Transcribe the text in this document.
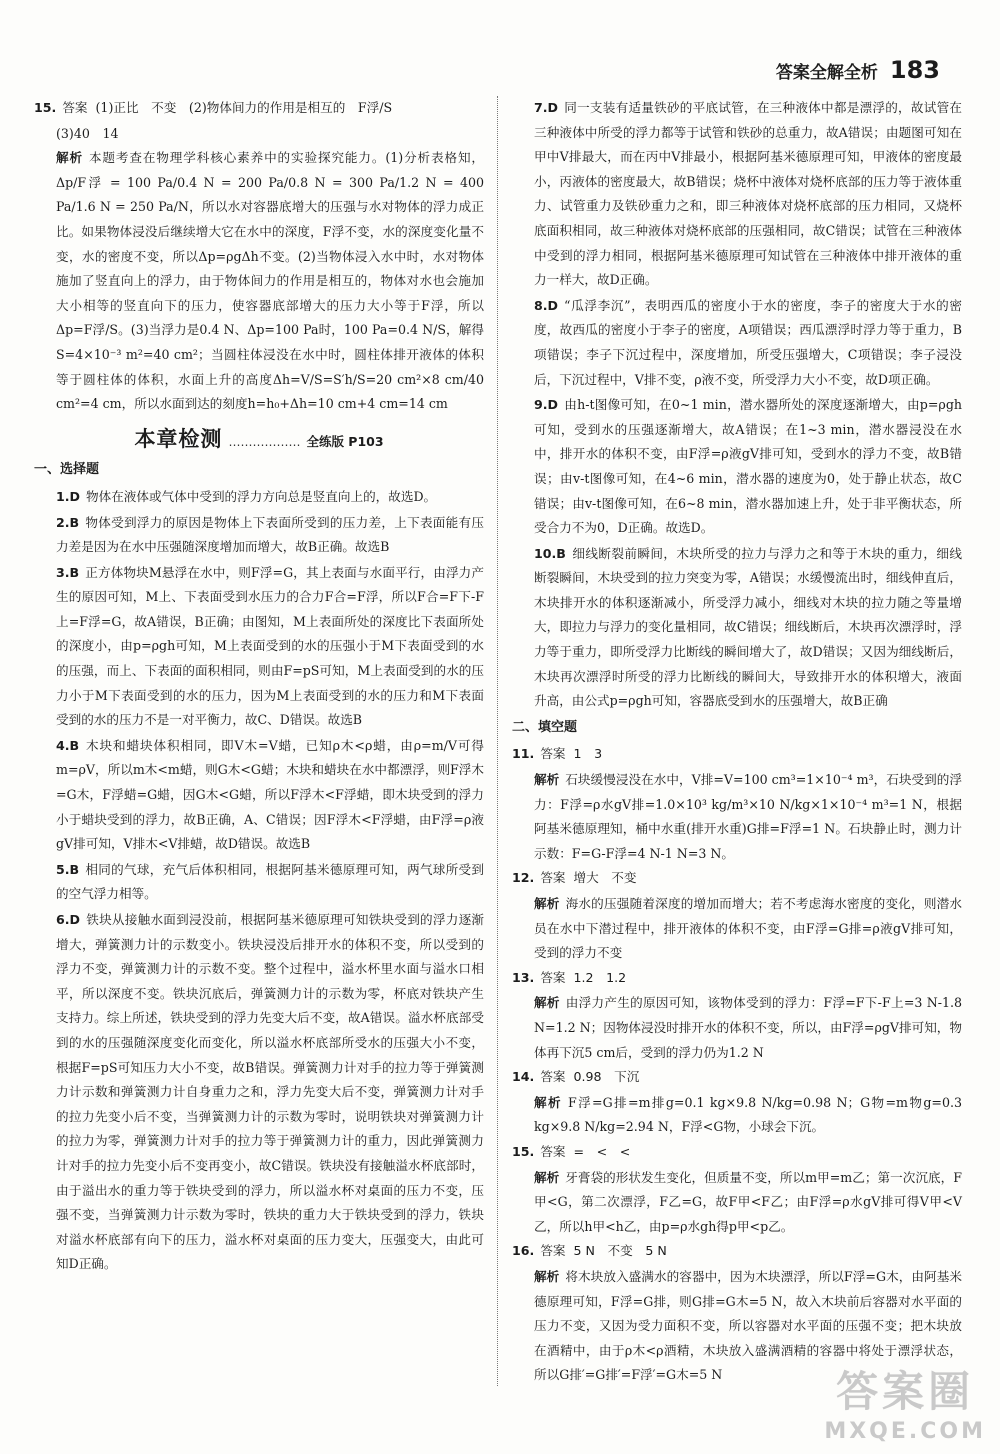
答案全解全析 183
15. 答案 (1)正比　不变　(2)物体间力的作用是相互的　F浮/S
(3)40　14
解析 本题考查在物理学科核心素养中的实验探究能力。(1)分析表格知，Δp/F浮 = 100 Pa/0.4 N = 200 Pa/0.8 N = 300 Pa/1.2 N = 400 Pa/1.6 N = 250 Pa/N，所以水对容器底增大的压强与水对物体的浮力成正比。如果物体浸没后继续增大它在水中的深度，F浮不变，水的深度变化量不变，水的密度不变，所以Δp=ρgΔh不变。(2)当物体浸入水中时，水对物体施加了竖直向上的浮力，由于物体间力的作用是相互的，物体对水也会施加大小相等的竖直向下的压力，使容器底部增大的压力大小等于F浮，所以Δp=F浮/S。(3)当浮力是0.4 N、Δp=100 Pa时，100 Pa=0.4 N/S，解得S=4×10⁻³ m²=40 cm²；当圆柱体浸没在水中时，圆柱体排开液体的体积等于圆柱体的体积，水面上升的高度Δh=V/S=S′h/S=20 cm²×8 cm/40 cm²=4 cm，所以水面到达的刻度h=h₀+Δh=10 cm+4 cm=14 cm
本章检测 ……………… 全练版 P103
一、选择题
1.D 物体在液体或气体中受到的浮力方向总是竖直向上的，故选D。
2.B 物体受到浮力的原因是物体上下表面所受到的压力差，上下表面能有压力差是因为在水中压强随深度增加而增大，故B正确。故选B
3.B 正方体物块M悬浮在水中，则F浮=G，其上表面与水面平行，由浮力产生的原因可知，M上、下表面受到水压力的合力F合=F浮，所以F合=F下-F上=F浮=G，故A错误，B正确；由图知，M上表面所处的深度比下表面所处的深度小，由p=ρgh可知，M上表面受到的水的压强小于M下表面受到的水的压强，而上、下表面的面积相同，则由F=pS可知，M上表面受到的水的压力小于M下表面受到的水的压力，因为M上表面受到的水的压力和M下表面受到的水的压力不是一对平衡力，故C、D错误。故选B
4.B 木块和蜡块体积相同，即V木=V蜡，已知ρ木<ρ蜡，由ρ=m/V可得m=ρV，所以m木<m蜡，则G木<G蜡；木块和蜡块在水中都漂浮，则F浮木=G木，F浮蜡=G蜡，因G木<G蜡，所以F浮木<F浮蜡，即木块受到的浮力小于蜡块受到的浮力，故B正确，A、C错误；因F浮木<F浮蜡，由F浮=ρ液gV排可知，V排木<V排蜡，故D错误。故选B
5.B 相同的气球，充气后体积相同，根据阿基米德原理可知，两气球所受到的空气浮力相等。
6.D 铁块从接触水面到浸没前，根据阿基米德原理可知铁块受到的浮力逐渐增大，弹簧测力计的示数变小。铁块浸没后排开水的体积不变，所以受到的浮力不变，弹簧测力计的示数不变。整个过程中，溢水杯里水面与溢水口相平，所以深度不变。铁块沉底后，弹簧测力计的示数为零，杯底对铁块产生支持力。综上所述，铁块受到的浮力先变大后不变，故A错误。溢水杯底部受到的水的压强随深度变化而变化，所以溢水杯底部所受水的压强大小不变，根据F=pS可知压力大小不变，故B错误。弹簧测力计对手的拉力等于弹簧测力计示数和弹簧测力计自身重力之和，浮力先变大后不变，弹簧测力计对手的拉力先变小后不变，当弹簧测力计的示数为零时，说明铁块对弹簧测力计的拉力为零，弹簧测力计对手的拉力等于弹簧测力计的重力，因此弹簧测力计对手的拉力先变小后不变再变小，故C错误。铁块没有接触溢水杯底部时，由于溢出水的重力等于铁块受到的浮力，所以溢水杯对桌面的压力不变，压强不变，当弹簧测力计示数为零时，铁块的重力大于铁块受到的浮力，铁块对溢水杯底部有向下的压力，溢水杯对桌面的压力变大，压强变大，由此可知D正确。
7.D 同一支装有适量铁砂的平底试管，在三种液体中都是漂浮的，故试管在三种液体中所受的浮力都等于试管和铁砂的总重力，故A错误；由题图可知在甲中V排最大，而在丙中V排最小，根据阿基米德原理可知，甲液体的密度最小，丙液体的密度最大，故B错误；烧杯中液体对烧杯底部的压力等于液体重力、试管重力及铁砂重力之和，即三种液体对烧杯底部的压力相同，又烧杯底面积相同，故三种液体对烧杯底部的压强相同，故C错误；试管在三种液体中受到的浮力相同，根据阿基米德原理可知试管在三种液体中排开液体的重力一样大，故D正确。
8.D “瓜浮李沉”，表明西瓜的密度小于水的密度，李子的密度大于水的密度，故西瓜的密度小于李子的密度，A项错误；西瓜漂浮时浮力等于重力，B项错误；李子下沉过程中，深度增加，所受压强增大，C项错误；李子浸没后，下沉过程中，V排不变，ρ液不变，所受浮力大小不变，故D项正确。
9.D 由h-t图像可知，在0~1 min，潜水器所处的深度逐渐增大，由p=ρgh可知，受到水的压强逐渐增大，故A错误；在1~3 min，潜水器浸没在水中，排开水的体积不变，由F浮=ρ液gV排可知，受到水的浮力不变，故B错误；由v-t图像可知，在4~6 min，潜水器的速度为0，处于静止状态，故C错误；由v-t图像可知，在6~8 min，潜水器加速上升，处于非平衡状态，所受合力不为0，D正确。故选D。
10.B 细线断裂前瞬间，木块所受的拉力与浮力之和等于木块的重力，细线断裂瞬间，木块受到的拉力突变为零，A错误；水缓慢流出时，细线伸直后，木块排开水的体积逐渐减小，所受浮力减小，细线对木块的拉力随之等量增大，即拉力与浮力的变化量相同，故C错误；细线断后，木块再次漂浮时，浮力等于重力，即所受浮力比断线的瞬间增大了，故D错误；又因为细线断后，木块再次漂浮时所受的浮力比断线的瞬间大，导致排开水的体积增大，液面升高，由公式p=ρgh可知，容器底受到水的压强增大，故B正确
二、填空题
11. 答案 1　3
解析 石块缓慢浸没在水中，V排=V=100 cm³=1×10⁻⁴ m³，石块受到的浮力：F浮=ρ水gV排=1.0×10³ kg/m³×10 N/kg×1×10⁻⁴ m³=1 N，根据阿基米德原理知，桶中水重(排开水重)G排=F浮=1 N。石块静止时，测力计示数：F=G-F浮=4 N-1 N=3 N。
12. 答案 增大　不变
解析 海水的压强随着深度的增加而增大；若不考虑海水密度的变化，则潜水员在水中下潜过程中，排开液体的体积不变，由F浮=G排=ρ液gV排可知，受到的浮力不变
13. 答案 1.2　1.2
解析 由浮力产生的原因可知，该物体受到的浮力：F浮=F下-F上=3 N-1.8 N=1.2 N；因物体浸没时排开水的体积不变，所以，由F浮=ρgV排可知，物体再下沉5 cm后，受到的浮力仍为1.2 N
14. 答案 0.98　下沉
解析 F浮=G排=m排g=0.1 kg×9.8 N/kg=0.98 N；G物=m物g=0.3 kg×9.8 N/kg=2.94 N，F浮<G物，小球会下沉。
15. 答案 =　<　<
解析 牙膏袋的形状发生变化，但质量不变，所以m甲=m乙；第一次沉底，F甲<G，第二次漂浮，F乙=G，故F甲<F乙；由F浮=ρ水gV排可得V甲<V乙，所以h甲<h乙，由p=ρ水gh得p甲<p乙。
16. 答案 5 N　不变　5 N
解析 将木块放入盛满水的容器中，因为木块漂浮，所以F浮=G木，由阿基米德原理可知，F浮=G排，则G排=G木=5 N，故入木块前后容器对水平面的压力不变，又因为受力面积不变，所以容器对水平面的压强不变；把木块放在酒精中，由于ρ木<ρ酒精，木块放入盛满酒精的容器中将处于漂浮状态，所以G排′=G排′=F浮′=G木=5 N	答案圈
MXQE.COM
